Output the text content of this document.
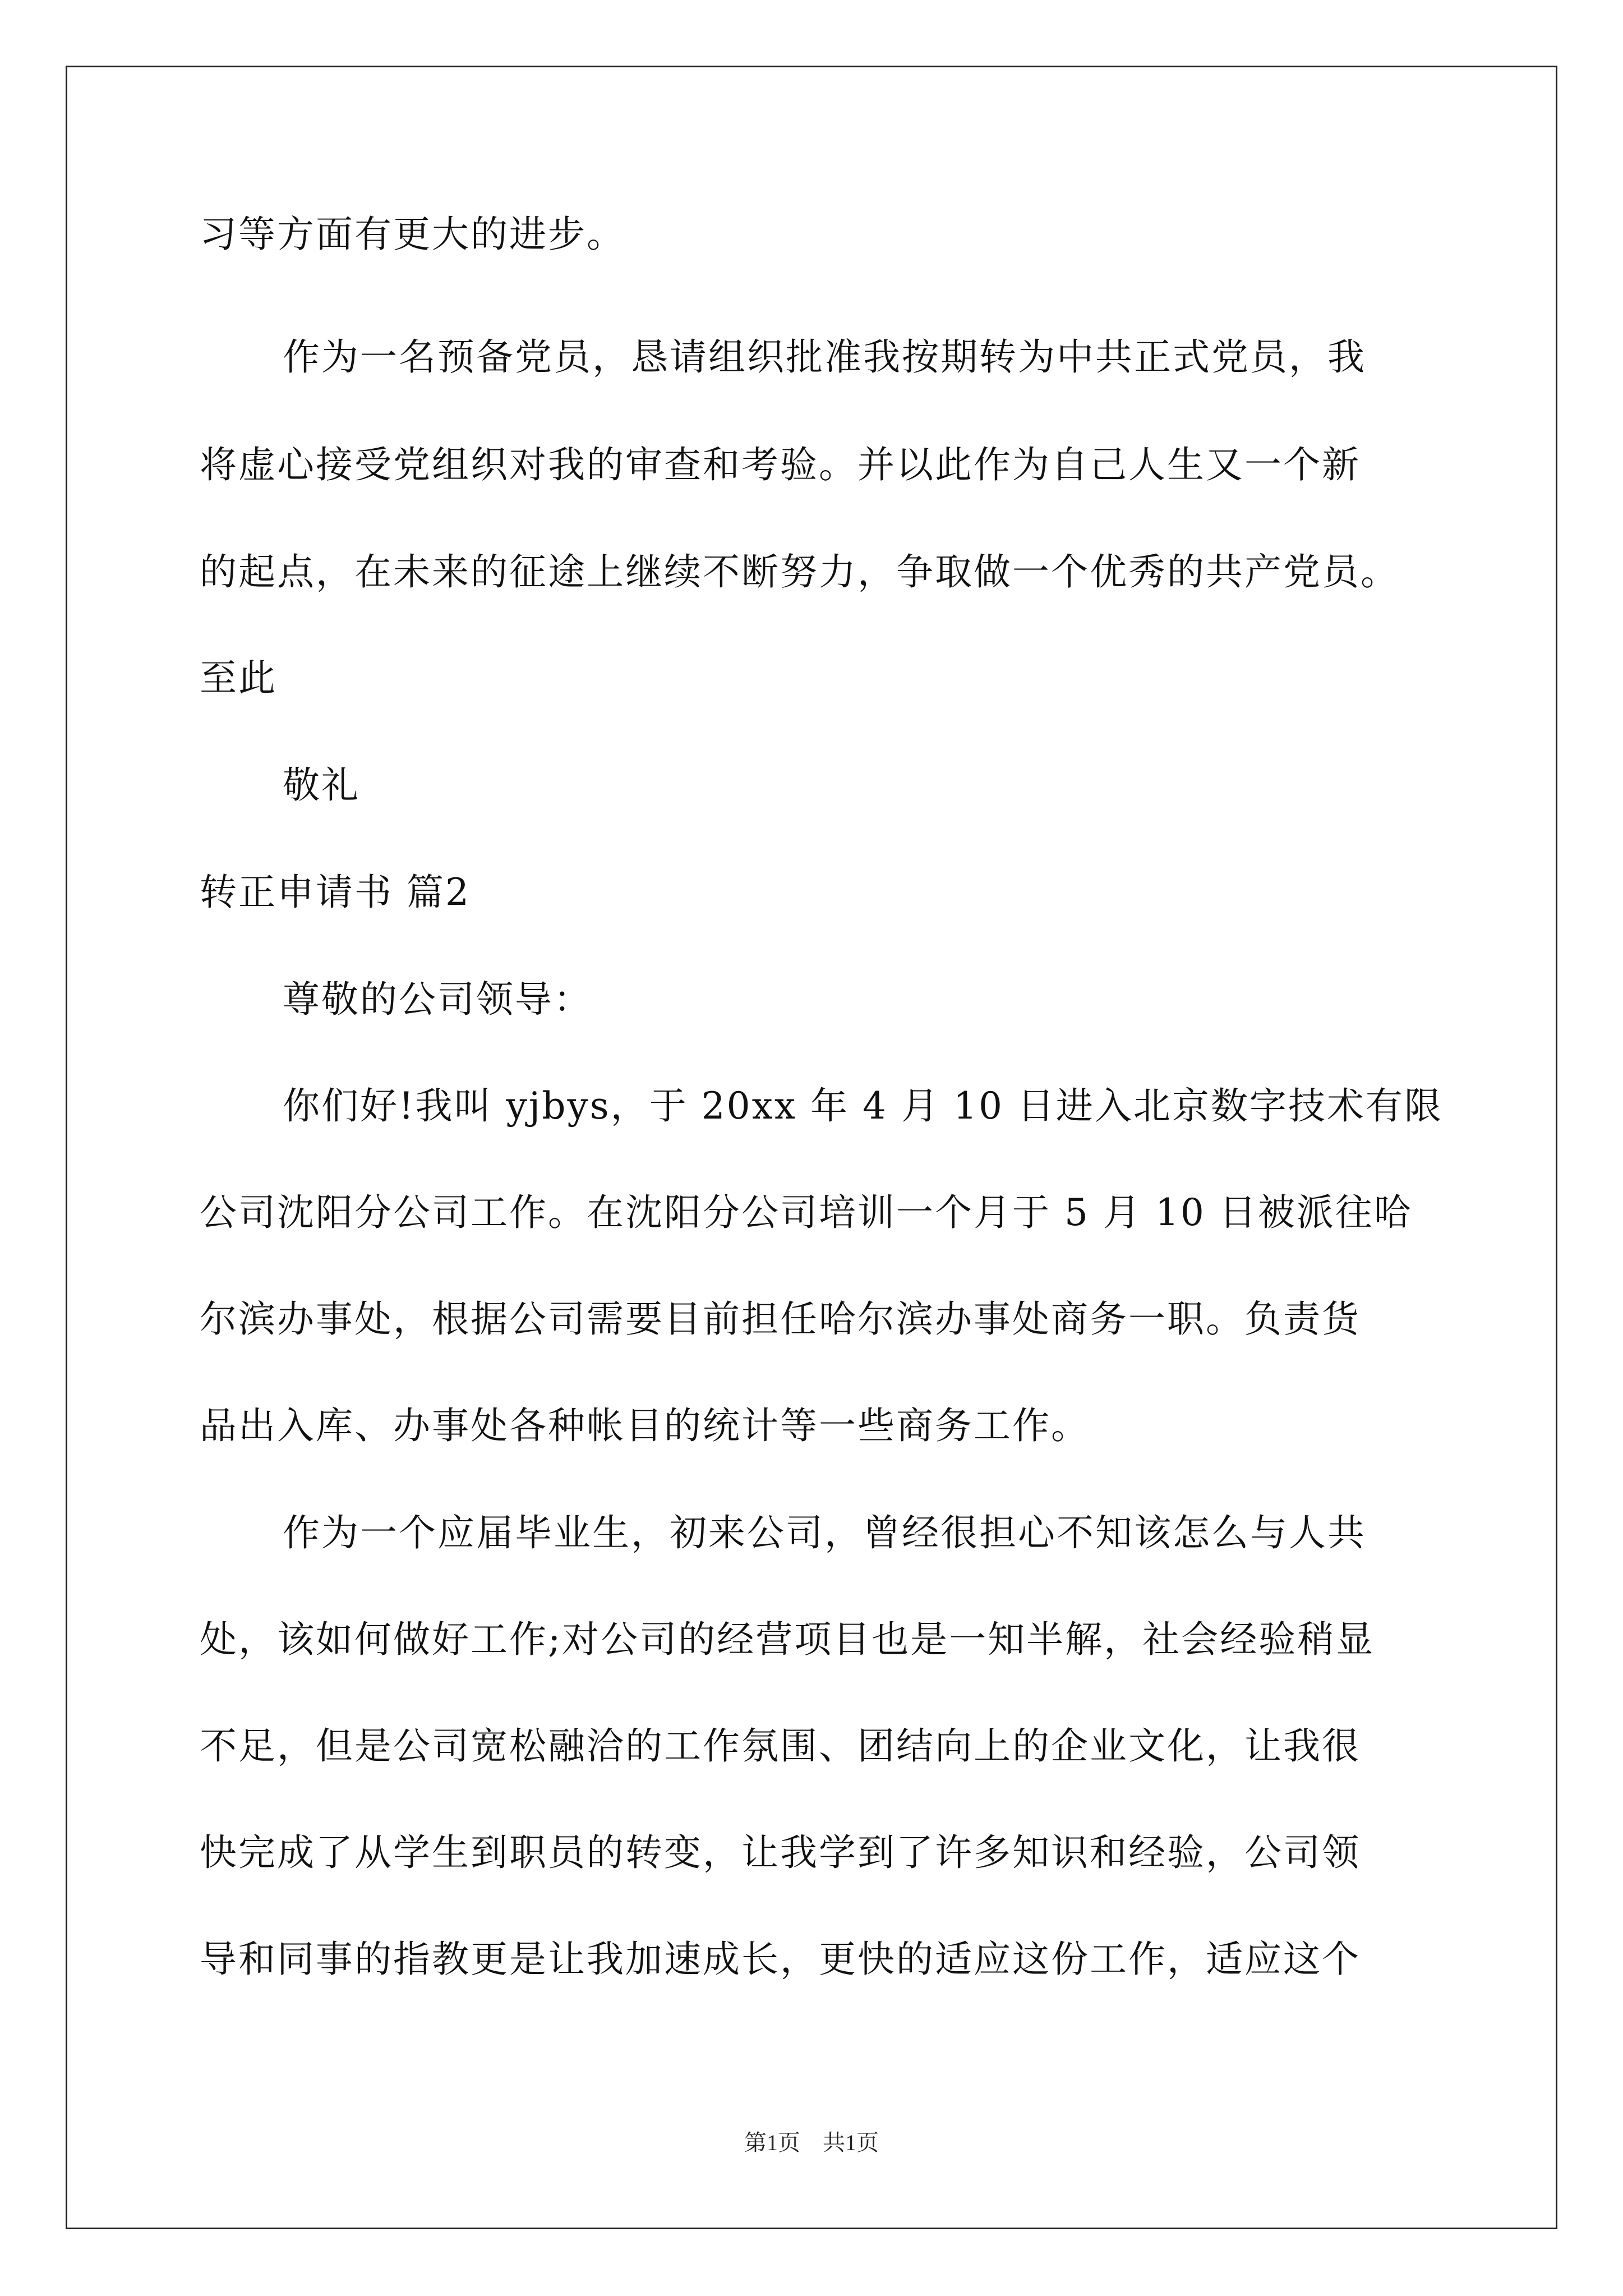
习等方面有更大的进步。
作为一名预备党员，恳请组织批准我按期转为中共正式党员，我
将虚心接受党组织对我的审查和考验。并以此作为自己人生又一个新
的起点，在未来的征途上继续不断努力，争取做一个优秀的共产党员。
至此
敬礼
转正申请书 篇2
尊敬的公司领导：
你们好!我叫 yjbys，于 20xx 年 4 月 10 日进入北京数字技术有限
公司沈阳分公司工作。在沈阳分公司培训一个月于 5 月 10 日被派往哈
尔滨办事处，根据公司需要目前担任哈尔滨办事处商务一职。负责货
品出入库、办事处各种帐目的统计等一些商务工作。
作为一个应届毕业生，初来公司，曾经很担心不知该怎么与人共
处，该如何做好工作;对公司的经营项目也是一知半解，社会经验稍显
不足，但是公司宽松融洽的工作氛围、团结向上的企业文化，让我很
快完成了从学生到职员的转变，让我学到了许多知识和经验，公司领
导和同事的指教更是让我加速成长，更快的适应这份工作，适应这个
第1页　共1页
